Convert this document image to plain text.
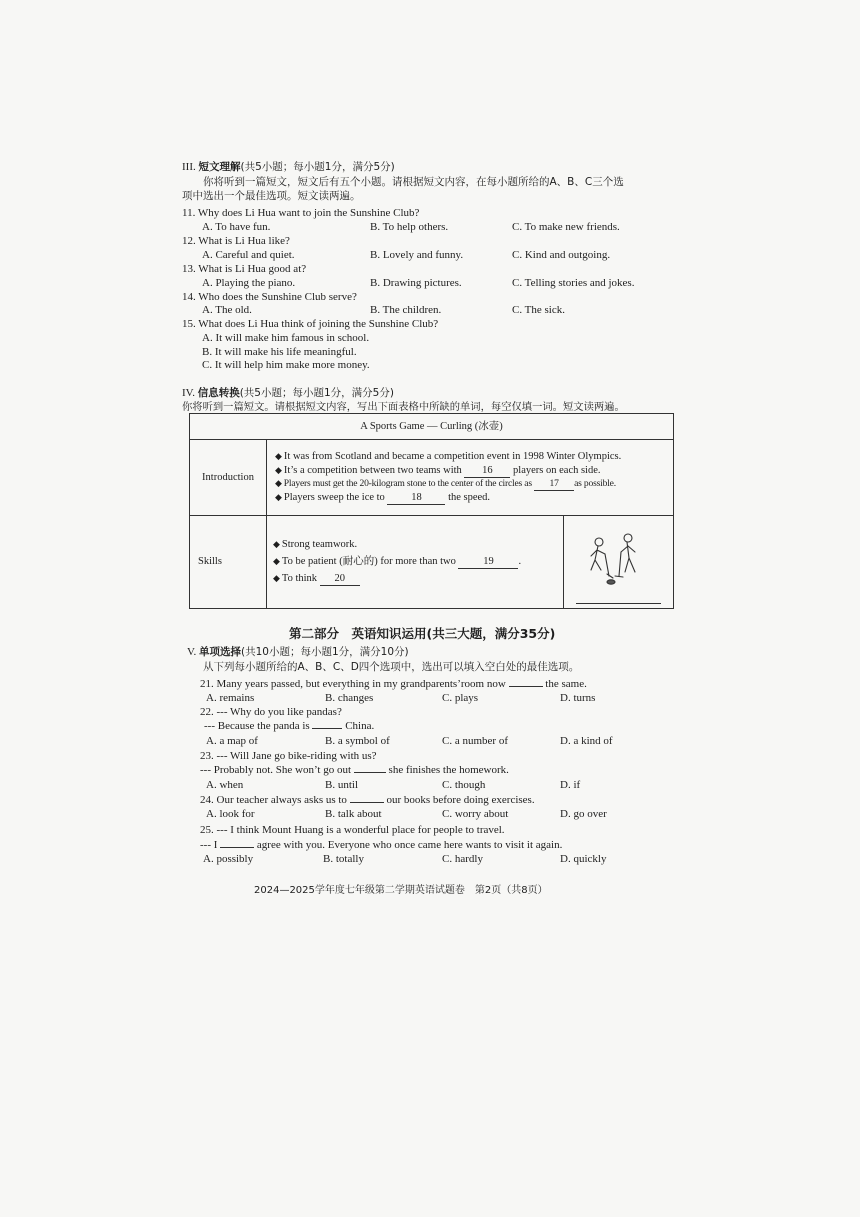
III. 短文理解(共5小题；每小题1分，满分5分)
你将听到一篇短文，短文后有五个小题。请根据短文内容，在每小题所给的A、B、C三个选
项中选出一个最佳选项。短文读两遍。
11. Why does Li Hua want to join the Sunshine Club?
A. To have fun.	B. To help others.	C. To make new friends.
12. What is Li Hua like?
A. Careful and quiet.	B. Lovely and funny.	C. Kind and outgoing.
13. What is Li Hua good at?
A. Playing the piano.	B. Drawing pictures.	C. Telling stories and jokes.
14. Who does the Sunshine Club serve?
A. The old.	B. The children.	C. The sick.
15. What does Li Hua think of joining the Sunshine Club?
A. It will make him famous in school.
B. It will make his life meaningful.
C. It will help him make more money.
IV. 信息转换(共5小题；每小题1分，满分5分)
你将听到一篇短文。请根据短文内容，写出下面表格中所缺的单词，每空仅填一词。短文读两遍。
A Sports Game — Curling (冰壶)		
Introduction	◆ It was from Scotland and became a competition event in 1998 Winter Olympics.
◆ It’s a competition between two teams with 16 players on each side.
◆ Players must get the 20-kilogram stone to the center of the circles as 17 as possible.
◆ Players sweep the ice to 18 the speed.	

Skills	◆ Strong teamwork.
◆ To be patient (耐心的) for more than two 19 .
◆ To think 20

第二部分　英语知识运用(共三大题，满分35分)
V. 单项选择(共10小题；每小题1分，满分10分)
从下列每小题所给的A、B、C、D四个选项中，选出可以填入空白处的最佳选项。
21. Many years passed, but everything in my grandparents’room now	the same.
A. remains	B. changes	C. plays	D. turns
22. --- Why do you like pandas?
--- Because the panda is	China.
A. a map of	B. a symbol of	C. a number of	D. a kind of
23. --- Will Jane go bike-riding with us?
--- Probably not. She won’t go out	she finishes the homework.
A. when	B. until	C. though	D. if
24. Our teacher always asks us to	our books before doing exercises.
A. look for	B. talk about	C. worry about	D. go over
25. --- I think Mount Huang is a wonderful place for people to travel.
--- I	agree with you. Everyone who once came here wants to visit it again.
A. possibly	B. totally	C. hardly	D. quickly
2024—2025学年度七年级第二学期英语试题卷　第2页（共8页）
